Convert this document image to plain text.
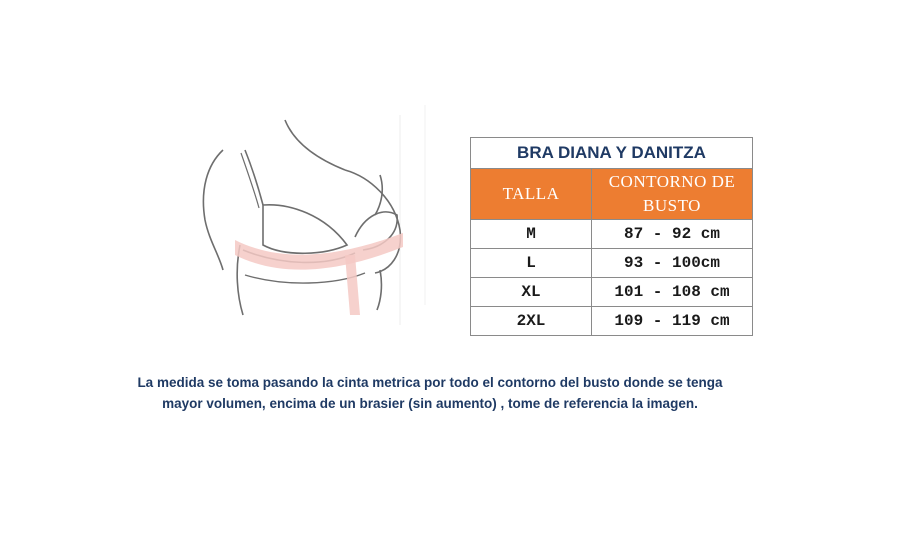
BRA DIANA Y DANITZA	
TALLA	CONTORNO DE BUSTO
M	87 - 92 cm
L	93 - 100cm
XL	101 - 108 cm
2XL	109 - 119 cm
La medida se toma pasando la cinta metrica por todo el contorno del busto donde se tenga
mayor volumen, encima de un brasier (sin aumento) , tome de referencia la imagen.
